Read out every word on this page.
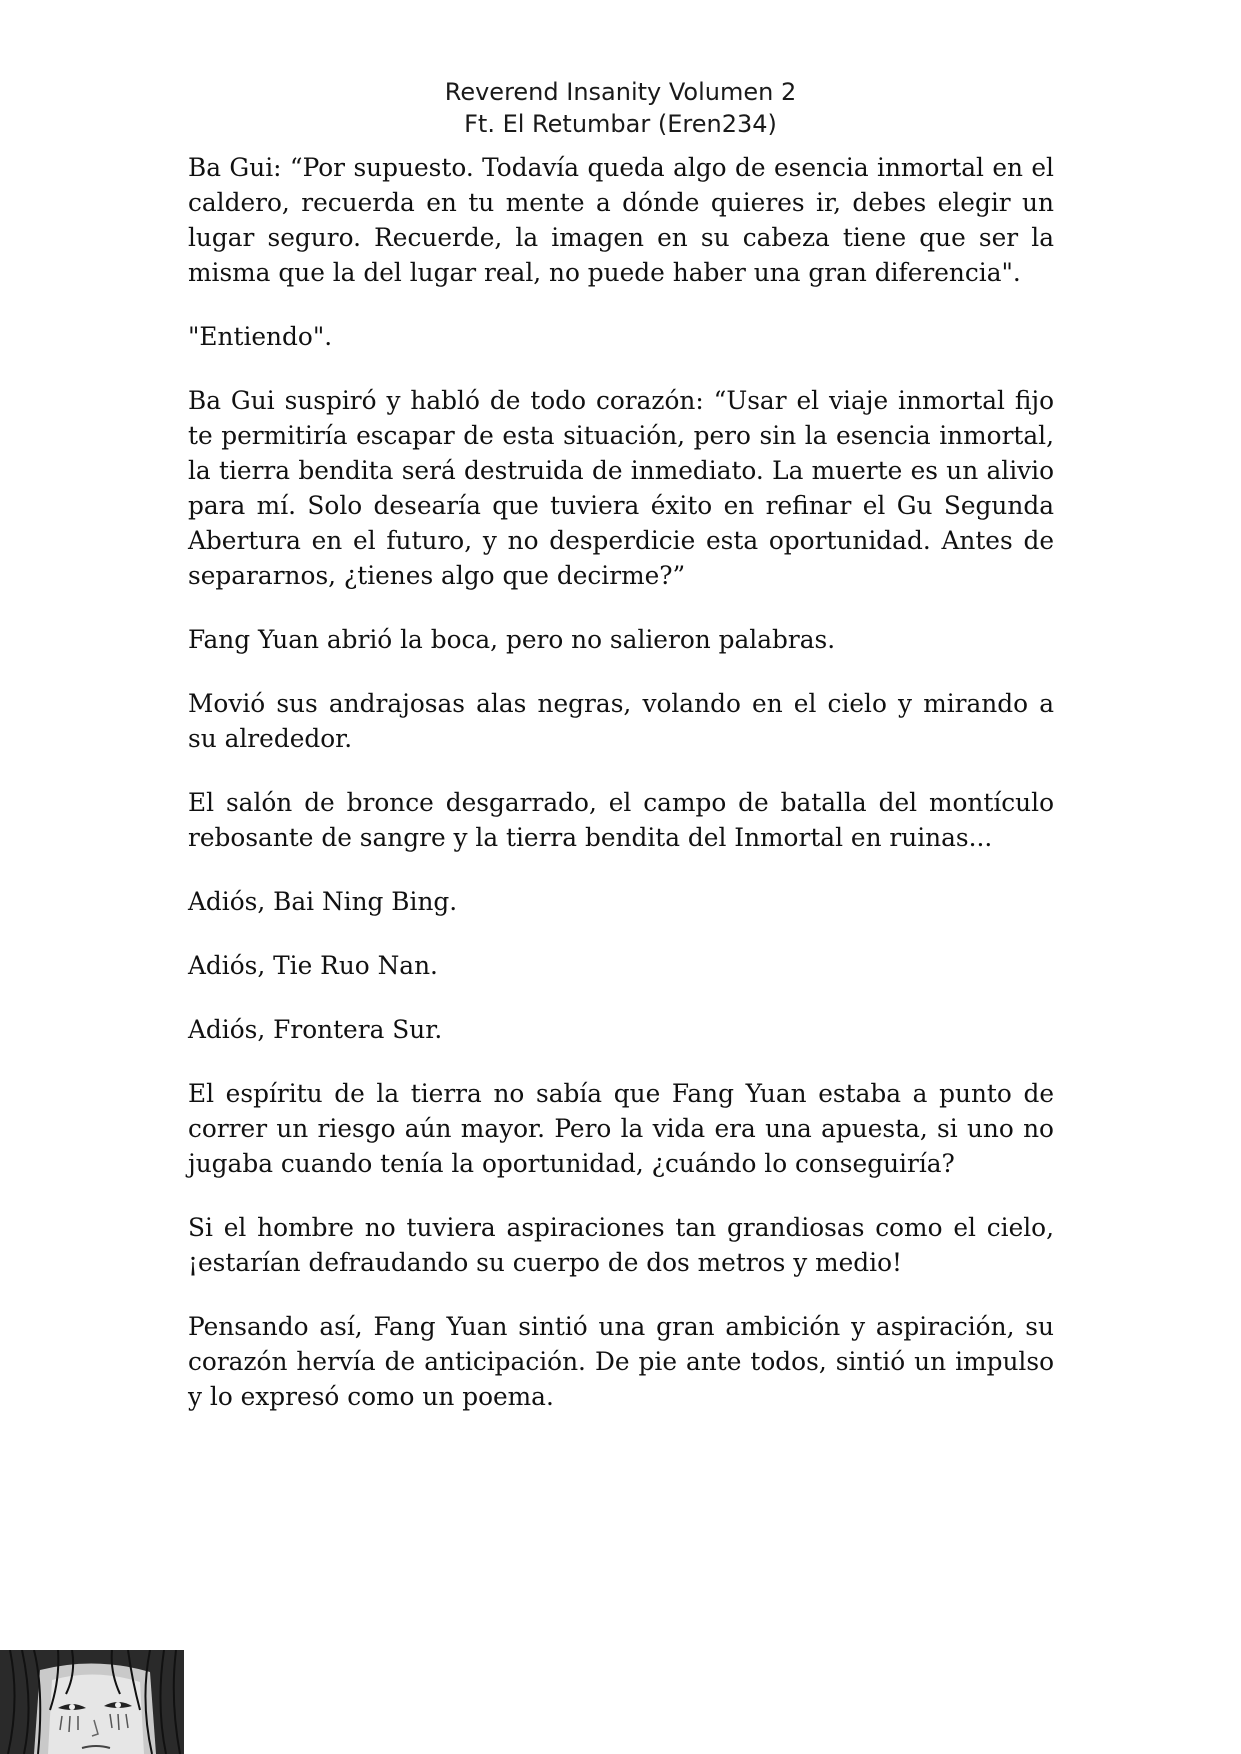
Reverend Insanity Volumen 2
Ft. El Retumbar (Eren234)

Ba Gui: “Por supuesto. Todavía queda algo de esencia inmortal en el caldero, recuerda en tu mente a dónde quieres ir, debes elegir un lugar seguro. Recuerde, la imagen en su cabeza tiene que ser la misma que la del lugar real, no puede haber una gran diferencia".

"Entiendo".

Ba Gui suspiró y habló de todo corazón: “Usar el viaje inmortal fijo te permitiría escapar de esta situación, pero sin la esencia inmortal, la tierra bendita será destruida de inmediato. La muerte es un alivio para mí. Solo desearía que tuviera éxito en refinar el Gu Segunda Abertura en el futuro, y no desperdicie esta oportunidad. Antes de separarnos, ¿tienes algo que decirme?”

Fang Yuan abrió la boca, pero no salieron palabras.

Movió sus andrajosas alas negras, volando en el cielo y mirando a su alrededor.

El salón de bronce desgarrado, el campo de batalla del montículo rebosante de sangre y la tierra bendita del Inmortal en ruinas...

Adiós, Bai Ning Bing.

Adiós, Tie Ruo Nan.

Adiós, Frontera Sur.

El espíritu de la tierra no sabía que Fang Yuan estaba a punto de correr un riesgo aún mayor. Pero la vida era una apuesta, si uno no jugaba cuando tenía la oportunidad, ¿cuándo lo conseguiría?

Si el hombre no tuviera aspiraciones tan grandiosas como el cielo, ¡estarían defraudando su cuerpo de dos metros y medio!

Pensando así, Fang Yuan sintió una gran ambición y aspiración, su corazón hervía de anticipación. De pie ante todos, sintió un impulso y lo expresó como un poema.
